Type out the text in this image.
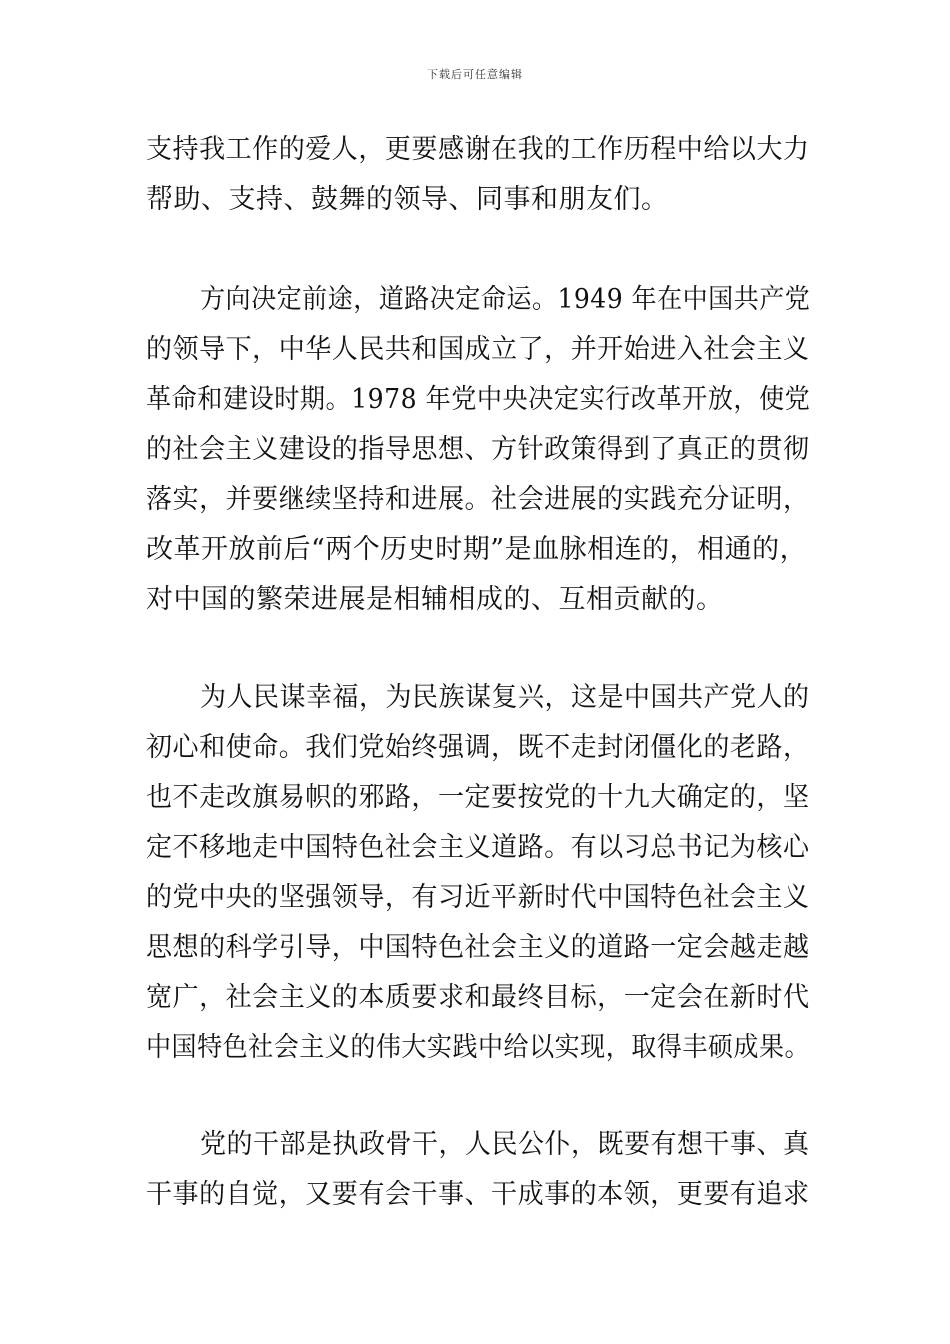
下载后可任意编辑
支持我工作的爱人，更要感谢在我的工作历程中给以大力
帮助、支持、鼓舞的领导、同事和朋友们。
方向决定前途，道路决定命运。1949 年在中国共产党
的领导下，中华人民共和国成立了，并开始进入社会主义
革命和建设时期。1978 年党中央决定实行改革开放，使党
的社会主义建设的指导思想、方针政策得到了真正的贯彻
落实，并要继续坚持和进展。社会进展的实践充分证明，
改革开放前后“两个历史时期”是血脉相连的，相通的，
对中国的繁荣进展是相辅相成的、互相贡献的。
为人民谋幸福，为民族谋复兴，这是中国共产党人的
初心和使命。我们党始终强调，既不走封闭僵化的老路，
也不走改旗易帜的邪路，一定要按党的十九大确定的，坚
定不移地走中国特色社会主义道路。有以习总书记为核心
的党中央的坚强领导，有习近平新时代中国特色社会主义
思想的科学引导，中国特色社会主义的道路一定会越走越
宽广，社会主义的本质要求和最终目标，一定会在新时代
中国特色社会主义的伟大实践中给以实现，取得丰硕成果。
党的干部是执政骨干，人民公仆，既要有想干事、真
干事的自觉，又要有会干事、干成事的本领，更要有追求
